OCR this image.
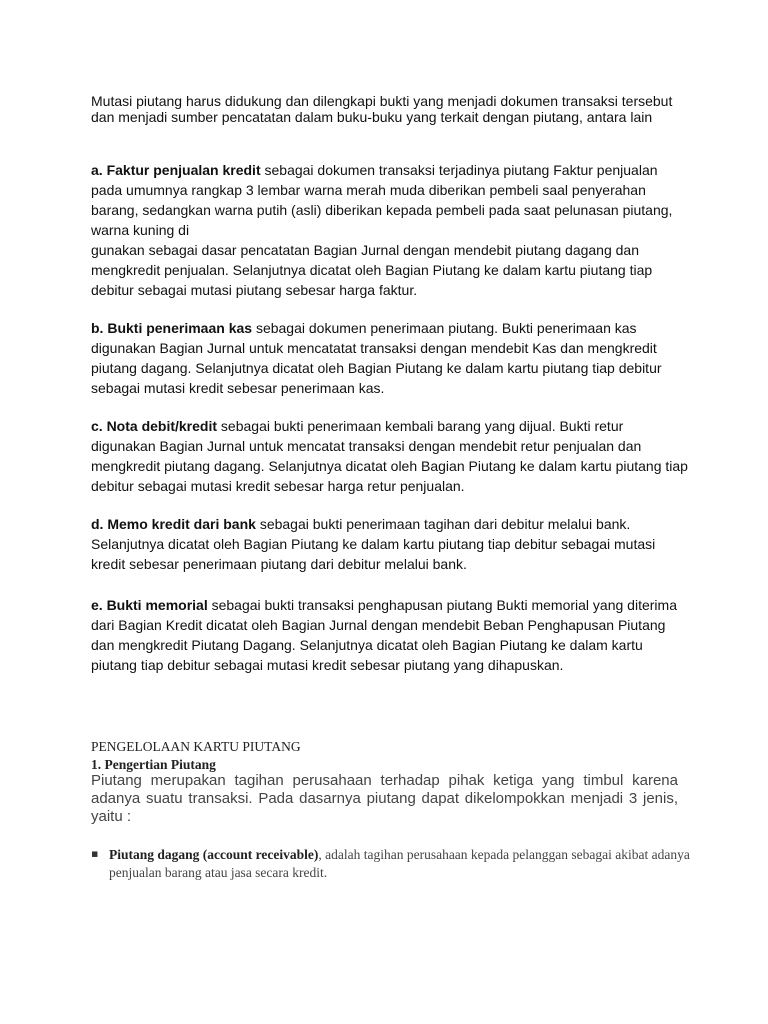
Mutasi piutang harus didukung dan dilengkapi bukti yang menjadi dokumen transaksi tersebut dan menjadi sumber pencatatan dalam buku-buku yang terkait dengan piutang, antara lain

a. Faktur penjualan kredit sebagai dokumen transaksi terjadinya piutang Faktur penjualan pada umumnya rangkap 3 lembar warna merah muda diberikan pembeli saal penyerahan barang, sedangkan warna putih (asli) diberikan kepada pembeli pada saat pelunasan piutang, warna kuning di
gunakan sebagai dasar pencatatan Bagian Jurnal dengan mendebit piutang dagang dan mengkredit penjualan. Selanjutnya dicatat oleh Bagian Piutang ke dalam kartu piutang tiap debitur sebagai mutasi piutang sebesar harga faktur.

b. Bukti penerimaan kas sebagai dokumen penerimaan piutang. Bukti penerimaan kas digunakan Bagian Jurnal untuk mencatatat transaksi dengan mendebit Kas dan mengkredit piutang dagang. Selanjutnya dicatat oleh Bagian Piutang ke dalam kartu piutang tiap debitur sebagai mutasi kredit sebesar penerimaan kas.

c. Nota debit/kredit sebagai bukti penerimaan kembali barang yang dijual. Bukti retur digunakan Bagian Jurnal untuk mencatat transaksi dengan mendebit retur penjualan dan mengkredit piutang dagang. Selanjutnya dicatat oleh Bagian Piutang ke dalam kartu piutang tiap debitur sebagai mutasi kredit sebesar harga retur penjualan.

d. Memo kredit dari bank sebagai bukti penerimaan tagihan dari debitur melalui bank. Selanjutnya dicatat oleh Bagian Piutang ke dalam kartu piutang tiap debitur sebagai mutasi kredit sebesar penerimaan piutang dari debitur melalui bank.

e. Bukti memorial sebagai bukti transaksi penghapusan piutang Bukti memorial yang diterima dari Bagian Kredit dicatat oleh Bagian Jurnal dengan mendebit Beban Penghapusan Piutang dan mengkredit Piutang Dagang. Selanjutnya dicatat oleh Bagian Piutang ke dalam kartu piutang tiap debitur sebagai mutasi kredit sebesar piutang yang dihapuskan.

PENGELOLAAN KARTU PIUTANG

1. Pengertian Piutang

Piutang merupakan tagihan perusahaan terhadap pihak ketiga yang timbul karena adanya suatu transaksi. Pada dasarnya piutang dapat dikelompokkan menjadi 3 jenis, yaitu :

▪ Piutang dagang (account receivable), adalah tagihan perusahaan kepada pelanggan sebagai akibat adanya penjualan barang atau jasa secara kredit.
